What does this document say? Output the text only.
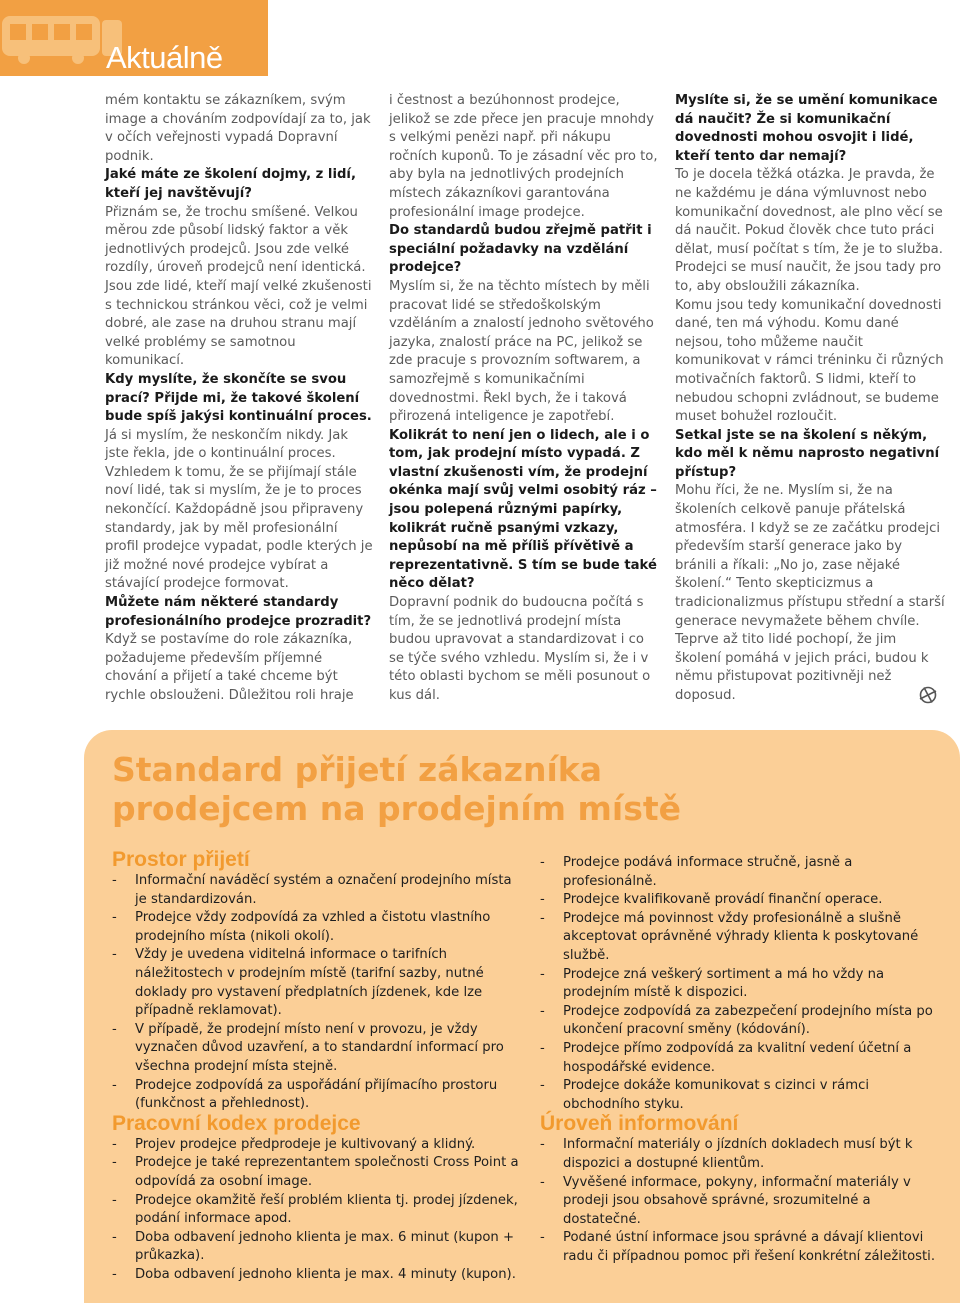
Aktuálně

mém kontaktu se zákazníkem, svým image a chováním zodpovídají za to, jak v očích veřejnosti vypadá Dopravní podnik.

Jaké máte ze školení dojmy, z lidí, kteří jej navštěvují?

Přiznám se, že trochu smíšené. Velkou měrou zde působí lidský faktor a věk jednotlivých prodejců. Jsou zde velké rozdíly, úroveň prodejců není identická. Jsou zde lidé, kteří mají velké zkušenosti s technickou stránkou věci, což je velmi dobré, ale zase na druhou stranu mají velké problémy se samotnou komunikací.

Kdy myslíte, že skončíte se svou prací? Přijde mi, že takové školení bude spíš jakýsi kontinuální proces.

Já si myslím, že neskončím nikdy. Jak jste řekla, jde o kontinuální proces. Vzhledem k tomu, že se přijímají stále noví lidé, tak si myslím, že je to proces nekončící. Každopádně jsou připraveny standardy, jak by měl profesionální profil prodejce vypadat, podle kterých je již možné nové prodejce vybírat a stávající prodejce formovat.

Můžete nám některé standardy profesionálního prodejce prozradit?

Když se postavíme do role zákazníka, požadujeme především příjemné chování a přijetí a také chceme být rychle obslouženi. Důležitou roli hraje

i čestnost a bezúhonnost prodejce, jelikož se zde přece jen pracuje mnohdy s velkými penězi např. při nákupu ročních kuponů. To je zásadní věc pro to, aby byla na jednotlivých prodejních místech zákazníkovi garantována profesionální image prodejce.

Do standardů budou zřejmě patřit i speciální požadavky na vzdělání prodejce?

Myslím si, že na těchto místech by měli pracovat lidé se středoškolským vzděláním a znalostí jednoho světového jazyka, znalostí práce na PC, jelikož se zde pracuje s provozním softwarem, a samozřejmě s komunikačními dovednostmi. Řekl bych, že i taková přirozená inteligence je zapotřebí.

Kolikrát to není jen o lidech, ale i o tom, jak prodejní místo vypadá. Z vlastní zkušenosti vím, že prodejní okénka mají svůj velmi osobitý ráz – jsou polepená různými papírky, kolikrát ručně psanými vzkazy, nepůsobí na mě příliš přívětivě a reprezentativně. S tím se bude také něco dělat?

Dopravní podnik do budoucna počítá s tím, že se jednotlivá prodejní místa budou upravovat a standardizovat i co se týče svého vzhledu. Myslím si, že i v této oblasti bychom se měli posunout o kus dál.

Myslíte si, že se umění komunikace dá naučit? Že si komunikační dovednosti mohou osvojit i lidé, kteří tento dar nemají?

To je docela těžká otázka. Je pravda, že ne každému je dána výmluvnost nebo komunikační dovednost, ale plno věcí se dá naučit. Pokud člověk chce tuto práci dělat, musí počítat s tím, že je to služba. Prodejci se musí naučit, že jsou tady pro to, aby obsloužili zákazníka.

Komu jsou tedy komunikační dovednosti dané, ten má výhodu. Komu dané nejsou, toho můžeme naučit komunikovat v rámci tréninku či různých motivačních faktorů. S lidmi, kteří to nebudou schopni zvládnout, se budeme muset bohužel rozloučit.

Setkal jste se na školení s někým, kdo měl k němu naprosto negativní přístup?

Mohu říci, že ne. Myslím si, že na školeních celkově panuje přátelská atmosféra. I když se ze začátku prodejci především starší generace jako by bránili a říkali: „No jo, zase nějaké školení.“ Tento skepticizmus a tradicionalizmus přístupu střední a starší generace nevymažete během chvíle. Teprve až tito lidé pochopí, že jim školení pomáhá v jejich práci, budou k němu přistupovat pozitivněji než doposud.

Standard přijetí zákazníka
prodejcem na prodejním místě
Prostor přijetí
- Informační naváděcí systém a označení prodejního místa je standardizován.
- Prodejce vždy zodpovídá za vzhled a čistotu vlastního prodejního místa (nikoli okolí).
- Vždy je uvedena viditelná informace o tarifních náležitostech v prodejním místě (tarifní sazby, nutné doklady pro vystavení předplatních jízdenek, kde lze případně reklamovat).
- V případě, že prodejní místo není v provozu, je vždy vyznačen důvod uzavření, a to standardní informací pro všechna prodejní místa stejně.
- Prodejce zodpovídá za uspořádání přijímacího prostoru (funkčnost a přehlednost).
Pracovní kodex prodejce
- Projev prodejce předprodeje je kultivovaný a klidný.
- Prodejce je také reprezentantem společnosti Cross Point a odpovídá za osobní image.
- Prodejce okamžitě řeší problém klienta tj. prodej jízdenek, podání informace apod.
- Doba odbavení jednoho klienta je max. 6 minut (kupon + průkazka).
- Doba odbavení jednoho klienta je max. 4 minuty (kupon).
- Prodejce podává informace stručně, jasně a profesionálně.
- Prodejce kvalifikovaně provádí finanční operace.
- Prodejce má povinnost vždy profesionálně a slušně akceptovat oprávněné výhrady klienta k poskytované službě.
- Prodejce zná veškerý sortiment a má ho vždy na prodejním místě k dispozici.
- Prodejce zodpovídá za zabezpečení prodejního místa po ukončení pracovní směny (kódování).
- Prodejce přímo zodpovídá za kvalitní vedení účetní a hospodářské evidence.
- Prodejce dokáže komunikovat s cizinci v rámci obchodního styku.
Úroveň informování
- Informační materiály o jízdních dokladech musí být k dispozici a dostupné klientům.
- Vyvěšené informace, pokyny, informační materiály v prodeji jsou obsahově správné, srozumitelné a dostatečné.
- Podané ústní informace jsou správné a dávají klientovi radu či případnou pomoc při řešení konkrétní záležitosti.
